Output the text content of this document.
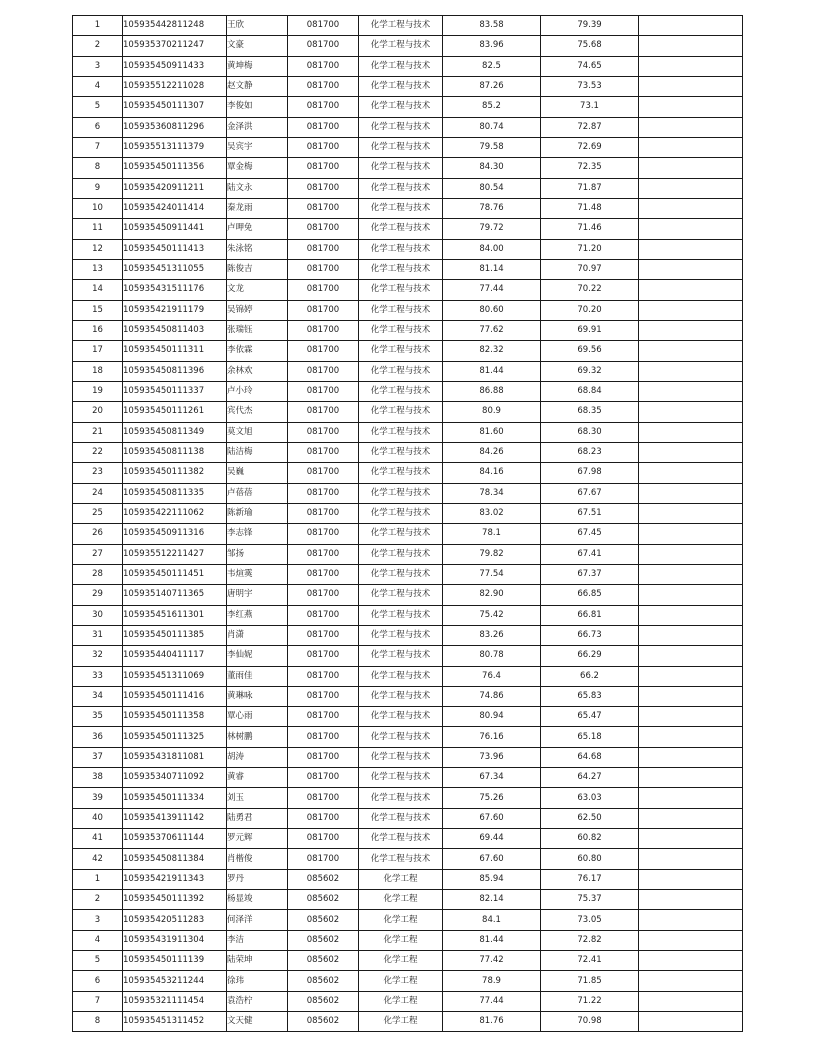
1	105935442811248	王欣	081700	化学工程与技术	83.58	79.39	
2	105935370211247	文豪	081700	化学工程与技术	83.96	75.68	
3	105935450911433	黄坤梅	081700	化学工程与技术	82.5	74.65	
4	105935512211028	赵文静	081700	化学工程与技术	87.26	73.53	
5	105935450111307	李俊如	081700	化学工程与技术	85.2	73.1	
6	105935360811296	金泽洪	081700	化学工程与技术	80.74	72.87	
7	105935513111379	吴宾宇	081700	化学工程与技术	79.58	72.69	
8	105935450111356	覃金梅	081700	化学工程与技术	84.30	72.35	
9	105935420911211	陆文永	081700	化学工程与技术	80.54	71.87	
10	105935424011414	秦龙雨	081700	化学工程与技术	78.76	71.48	
11	105935450911441	卢呷免	081700	化学工程与技术	79.72	71.46	
12	105935450111413	朱泳铭	081700	化学工程与技术	84.00	71.20	
13	105935451311055	陈俊吉	081700	化学工程与技术	81.14	70.97	
14	105935431511176	文龙	081700	化学工程与技术	77.44	70.22	
15	105935421911179	吴锦婷	081700	化学工程与技术	80.60	70.20	
16	105935450811403	张瑞钰	081700	化学工程与技术	77.62	69.91	
17	105935450111311	李依霖	081700	化学工程与技术	82.32	69.56	
18	105935450811396	余林欢	081700	化学工程与技术	81.44	69.32	
19	105935450111337	卢小玲	081700	化学工程与技术	86.88	68.84	
20	105935450111261	宾代杰	081700	化学工程与技术	80.9	68.35	
21	105935450811349	莫文旭	081700	化学工程与技术	81.60	68.30	
22	105935450811138	陆洁梅	081700	化学工程与技术	84.26	68.23	
23	105935450111382	吴巍	081700	化学工程与技术	84.16	67.98	
24	105935450811335	卢蓓蓓	081700	化学工程与技术	78.34	67.67	
25	105935422111062	陈新瑜	081700	化学工程与技术	83.02	67.51	
26	105935450911316	李志锋	081700	化学工程与技术	78.1	67.45	
27	105935512211427	邹扬	081700	化学工程与技术	79.82	67.41	
28	105935450111451	韦煊霙	081700	化学工程与技术	77.54	67.37	
29	105935140711365	唐明宇	081700	化学工程与技术	82.90	66.85	
30	105935451611301	李红燕	081700	化学工程与技术	75.42	66.81	
31	105935450111385	肖潇	081700	化学工程与技术	83.26	66.73	
32	105935440411117	李仙妮	081700	化学工程与技术	80.78	66.29	
33	105935451311069	董雨佳	081700	化学工程与技术	76.4	66.2	
34	105935450111416	黄琳咏	081700	化学工程与技术	74.86	65.83	
35	105935450111358	覃心雨	081700	化学工程与技术	80.94	65.47	
36	105935450111325	林树鹏	081700	化学工程与技术	76.16	65.18	
37	105935431811081	胡涛	081700	化学工程与技术	73.96	64.68	
38	105935340711092	黄睿	081700	化学工程与技术	67.34	64.27	
39	105935450111334	刘玉	081700	化学工程与技术	75.26	63.03	
40	105935413911142	陆勇君	081700	化学工程与技术	67.60	62.50	
41	105935370611144	罗元辉	081700	化学工程与技术	69.44	60.82	
42	105935450811384	肖楷俊	081700	化学工程与技术	67.60	60.80	
1	105935421911343	罗丹	085602	化学工程	85.94	76.17	
2	105935450111392	杨显竣	085602	化学工程	82.14	75.37	
3	105935420511283	何泽洋	085602	化学工程	84.1	73.05	
4	105935431911304	李洁	085602	化学工程	81.44	72.82	
5	105935450111139	陆荣坤	085602	化学工程	77.42	72.41	
6	105935453211244	徐玮	085602	化学工程	78.9	71.85	
7	105935321111454	袁浩柠	085602	化学工程	77.44	71.22	
8	105935451311452	文天健	085602	化学工程	81.76	70.98	
